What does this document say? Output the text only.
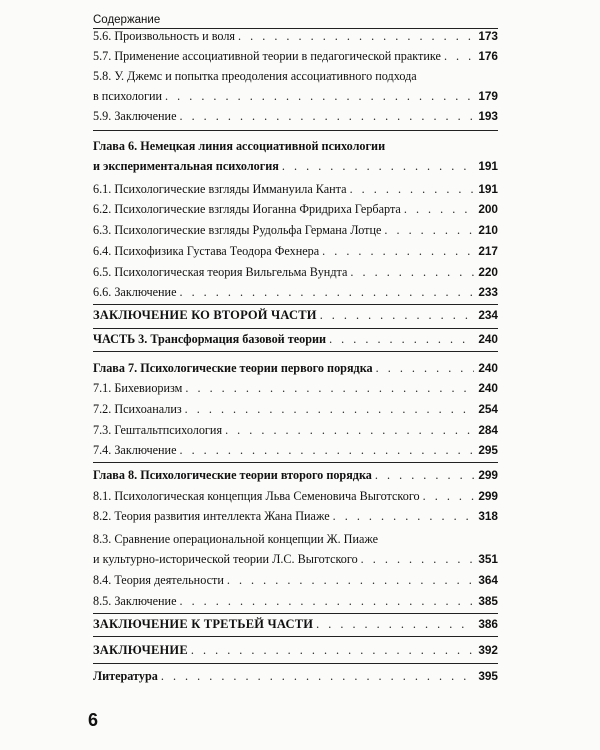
Содержание
5.6. Произвольность и воля . . .	173
5.7. Применение ассоциативной теории в педагогической практике . . .	176
5.8. У. Джемс и попытка преодоления ассоциативного подхода
в психологии . . .	179
5.9. Заключение . . .	193
Глава 6. Немецкая линия ассоциативной психологии
и экспериментальная психология . . .	191
6.1. Психологические взгляды Иммануила Канта . . .	191
6.2. Психологические взгляды Иоганна Фридриха Гербарта . . .	200
6.3. Психологические взгляды Рудольфа Германа Лотце . . .	210
6.4. Психофизика Густава Теодора Фехнера . . .	217
6.5. Психологическая теория Вильгельма Вундта . . .	220
6.6. Заключение . . .	233
ЗАКЛЮЧЕНИЕ КО ВТОРОЙ ЧАСТИ . . .	234
ЧАСТЬ 3. Трансформация базовой теории . . .	240
Глава 7. Психологические теории первого порядка . . .	240
7.1. Бихевиоризм . . .	240
7.2. Психоанализ . . .	254
7.3. Гештальтпсихология . . .	284
7.4. Заключение . . .	295
Глава 8. Психологические теории второго порядка . . .	299
8.1. Психологическая концепция Льва Семеновича Выготского . . .	299
8.2. Теория развития интеллекта Жана Пиаже . . .	318
8.3. Сравнение операциональной концепции Ж. Пиаже
и культурно-исторической теории Л.С. Выготского . . .	351
8.4. Теория деятельности . . .	364
8.5. Заключение . . .	385
ЗАКЛЮЧЕНИЕ К ТРЕТЬЕЙ ЧАСТИ . . .	386
ЗАКЛЮЧЕНИЕ . . .	392
Литература . . .	395
6
